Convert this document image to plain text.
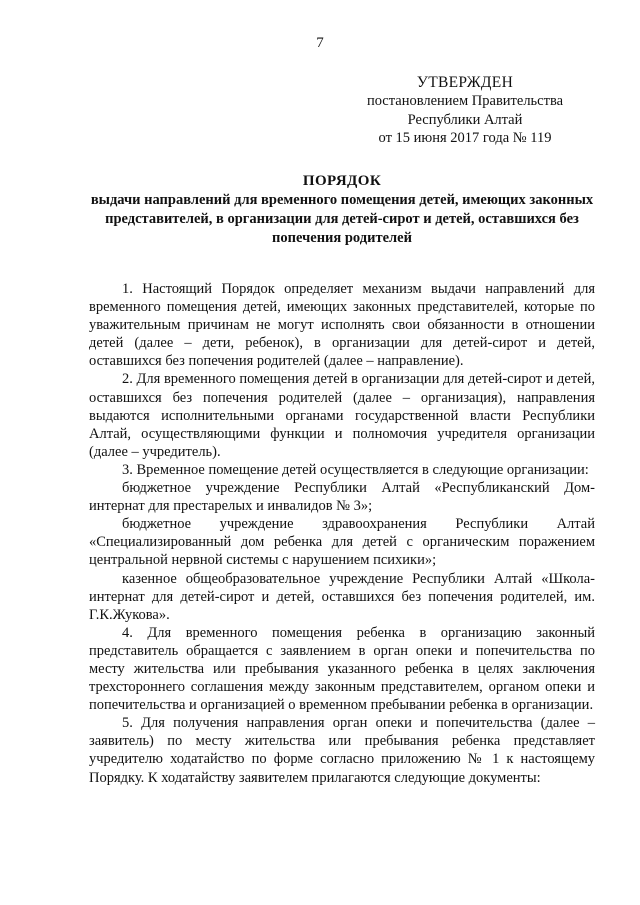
7
УТВЕРЖДЕН
постановлением Правительства
Республики Алтай
от 15 июня 2017 года № 119
ПОРЯДОК
выдачи направлений для временного помещения детей, имеющих законных представителей, в организации для детей-сирот и детей, оставшихся без попечения родителей

1. Настоящий Порядок определяет механизм выдачи направлений для временного помещения детей, имеющих законных представителей, которые по уважительным причинам не могут исполнять свои обязанности в отношении детей (далее – дети, ребенок), в организации для детей-сирот и детей, оставшихся без попечения родителей (далее – направление).

2. Для временного помещения детей в организации для детей-сирот и детей, оставшихся без попечения родителей (далее – организация), направления выдаются исполнительными органами государственной власти Республики Алтай, осуществляющими функции и полномочия учредителя организации (далее – учредитель).

3. Временное помещение детей осуществляется в следующие организации:

бюджетное учреждение Республики Алтай «Республиканский Дом-интернат для престарелых и инвалидов № 3»;

бюджетное учреждение здравоохранения Республики Алтай «Специализированный дом ребенка для детей с органическим поражением центральной нервной системы с нарушением психики»;

казенное общеобразовательное учреждение Республики Алтай «Школа-интернат для детей-сирот и детей, оставшихся без попечения родителей, им. Г.К.Жукова».

4. Для временного помещения ребенка в организацию законный представитель обращается с заявлением в орган опеки и попечительства по месту жительства или пребывания указанного ребенка в целях заключения трехстороннего соглашения между законным представителем, органом опеки и попечительства и организацией о временном пребывании ребенка в организации.

5. Для получения направления орган опеки и попечительства (далее – заявитель) по месту жительства или пребывания ребенка представляет учредителю ходатайство по форме согласно приложению № 1 к настоящему Порядку. К ходатайству заявителем прилагаются следующие документы:
